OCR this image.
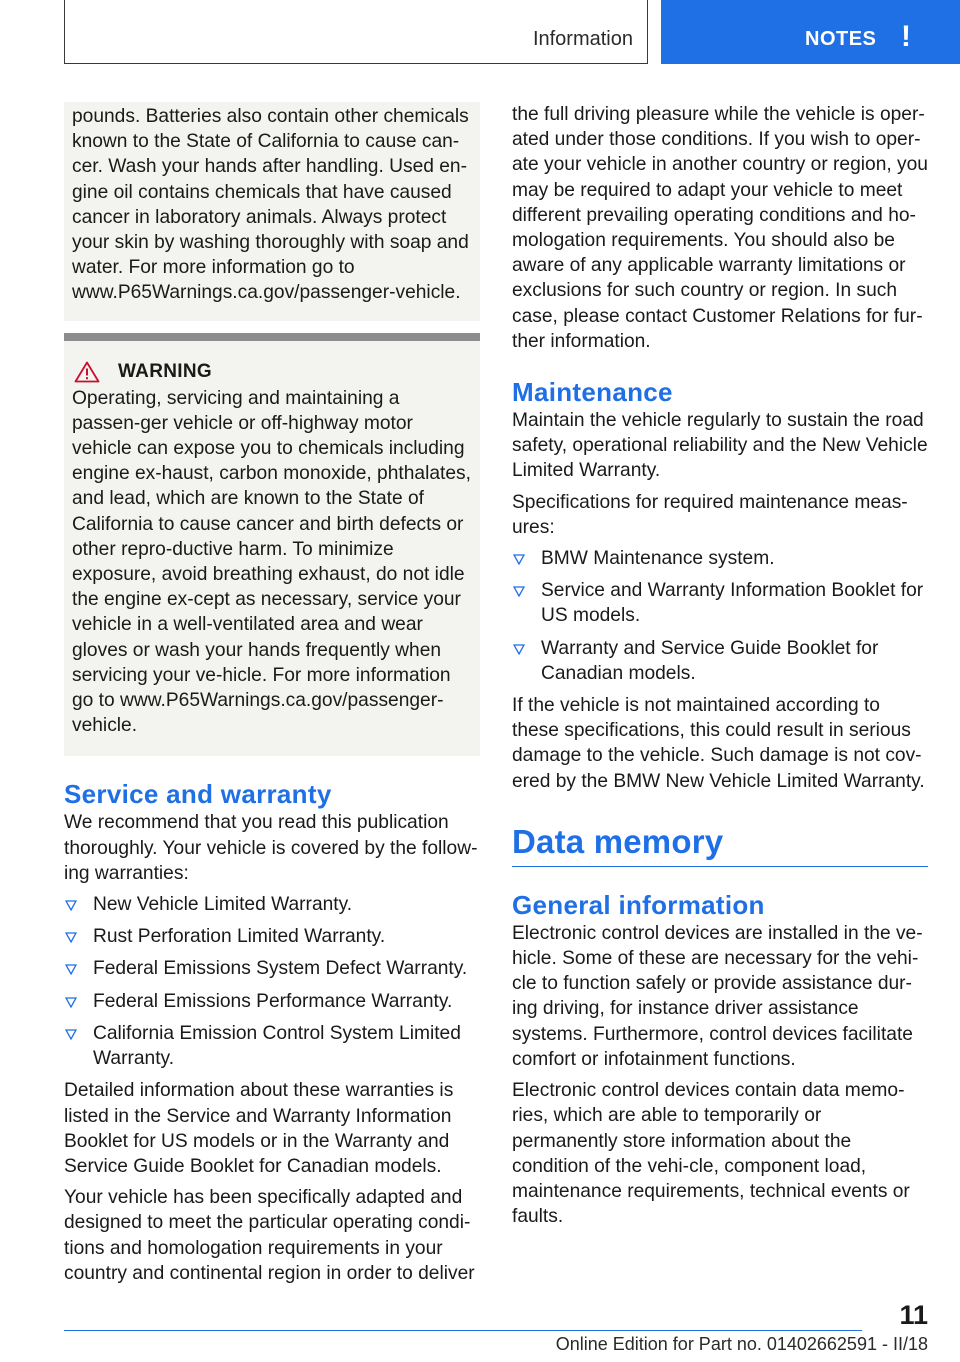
Information	NOTES !

pounds. Batteries also contain other chemicals known to the State of California to cause can-cer. Wash your hands after handling. Used en-gine oil contains chemicals that have caused cancer in laboratory animals. Always protect your skin by washing thoroughly with soap and water. For more information go to www.P65Warnings.ca.gov/passenger-vehicle.

WARNING

Operating, servicing and maintaining a passen-ger vehicle or off-highway motor vehicle can expose you to chemicals including engine ex-haust, carbon monoxide, phthalates, and lead, which are known to the State of California to cause cancer and birth defects or other repro-ductive harm. To minimize exposure, avoid breathing exhaust, do not idle the engine ex-cept as necessary, service your vehicle in a well-ventilated area and wear gloves or wash your hands frequently when servicing your ve-hicle. For more information go to www.P65Warnings.ca.gov/passenger-vehicle.

Service and warranty

We recommend that you read this publication thoroughly. Your vehicle is covered by the follow-ing warranties:

New Vehicle Limited Warranty.
Rust Perforation Limited Warranty.
Federal Emissions System Defect Warranty.
Federal Emissions Performance Warranty.
California Emission Control System Limited Warranty.

Detailed information about these warranties is listed in the Service and Warranty Information Booklet for US models or in the Warranty and Service Guide Booklet for Canadian models.

Your vehicle has been specifically adapted and designed to meet the particular operating condi-tions and homologation requirements in your country and continental region in order to deliver

the full driving pleasure while the vehicle is oper-ated under those conditions. If you wish to oper-ate your vehicle in another country or region, you may be required to adapt your vehicle to meet different prevailing operating conditions and ho-mologation requirements. You should also be aware of any applicable warranty limitations or exclusions for such country or region. In such case, please contact Customer Relations for fur-ther information.

Maintenance

Maintain the vehicle regularly to sustain the road safety, operational reliability and the New Vehicle Limited Warranty.

Specifications for required maintenance meas-ures:

BMW Maintenance system.
Service and Warranty Information Booklet for US models.
Warranty and Service Guide Booklet for Canadian models.

If the vehicle is not maintained according to these specifications, this could result in serious damage to the vehicle. Such damage is not cov-ered by the BMW New Vehicle Limited Warranty.

Data memory
General information

Electronic control devices are installed in the ve-hicle. Some of these are necessary for the vehi-cle to function safely or provide assistance dur-ing driving, for instance driver assistance systems. Furthermore, control devices facilitate comfort or infotainment functions.

Electronic control devices contain data memo-ries, which are able to temporarily or permanently store information about the condition of the vehi-cle, component load, maintenance requirements, technical events or faults.

11
Online Edition for Part no. 01402662591 - II/18
